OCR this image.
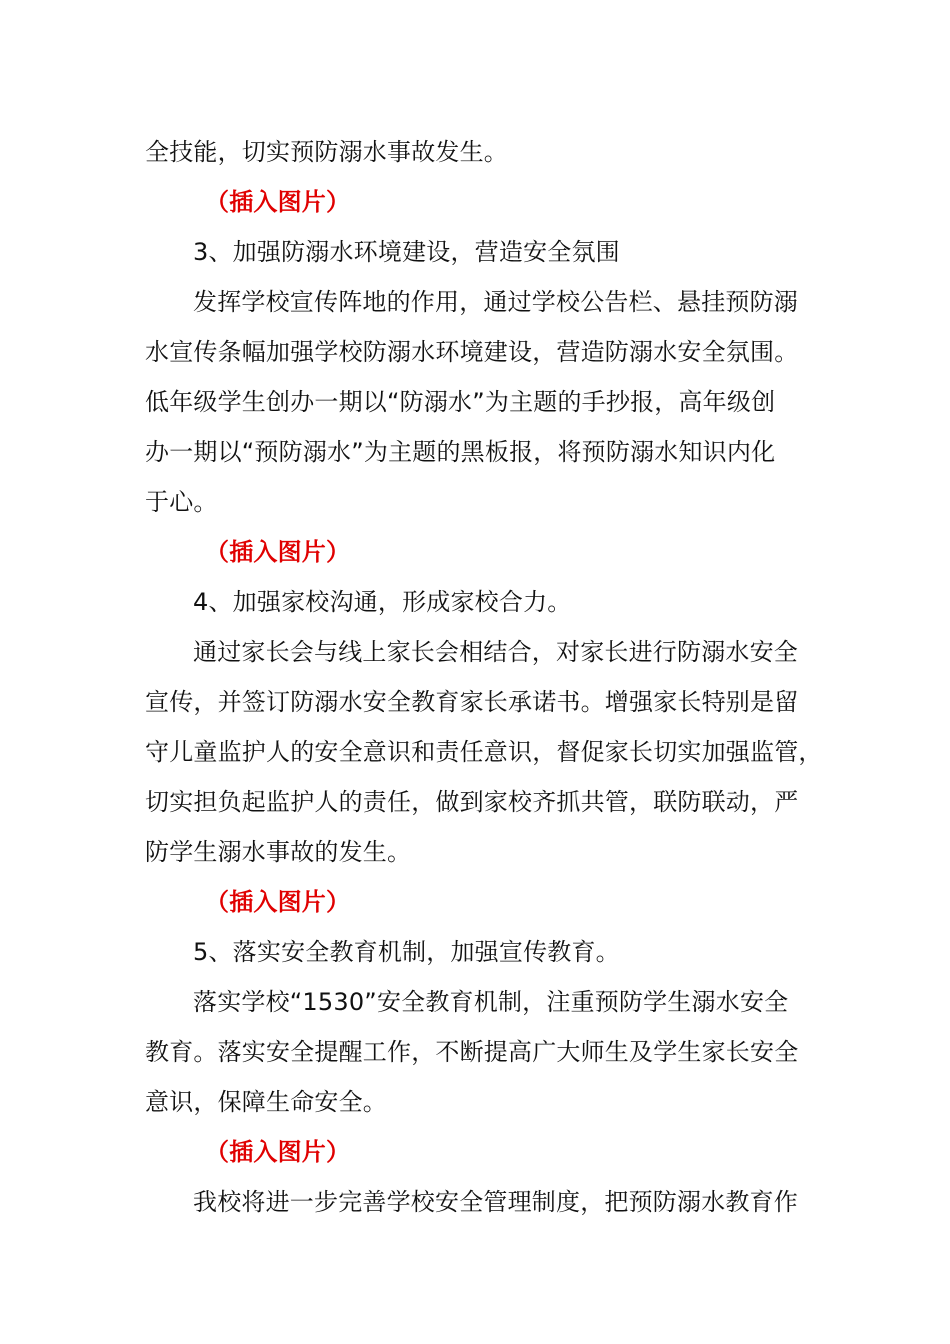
全技能，切实预防溺水事故发生。
（插入图片）
3、加强防溺水环境建设，营造安全氛围
发挥学校宣传阵地的作用，通过学校公告栏、悬挂预防溺
水宣传条幅加强学校防溺水环境建设，营造防溺水安全氛围。
低年级学生创办一期以“防溺水”为主题的手抄报，高年级创
办一期以“预防溺水”为主题的黑板报，将预防溺水知识内化
于心。
（插入图片）
4、加强家校沟通，形成家校合力。
通过家长会与线上家长会相结合，对家长进行防溺水安全
宣传，并签订防溺水安全教育家长承诺书。增强家长特别是留
守儿童监护人的安全意识和责任意识，督促家长切实加强监管，
切实担负起监护人的责任，做到家校齐抓共管，联防联动，严
防学生溺水事故的发生。
（插入图片）
5、落实安全教育机制，加强宣传教育。
落实学校“1530”安全教育机制，注重预防学生溺水安全
教育。落实安全提醒工作，不断提高广大师生及学生家长安全
意识，保障生命安全。
（插入图片）
我校将进一步完善学校安全管理制度，把预防溺水教育作
